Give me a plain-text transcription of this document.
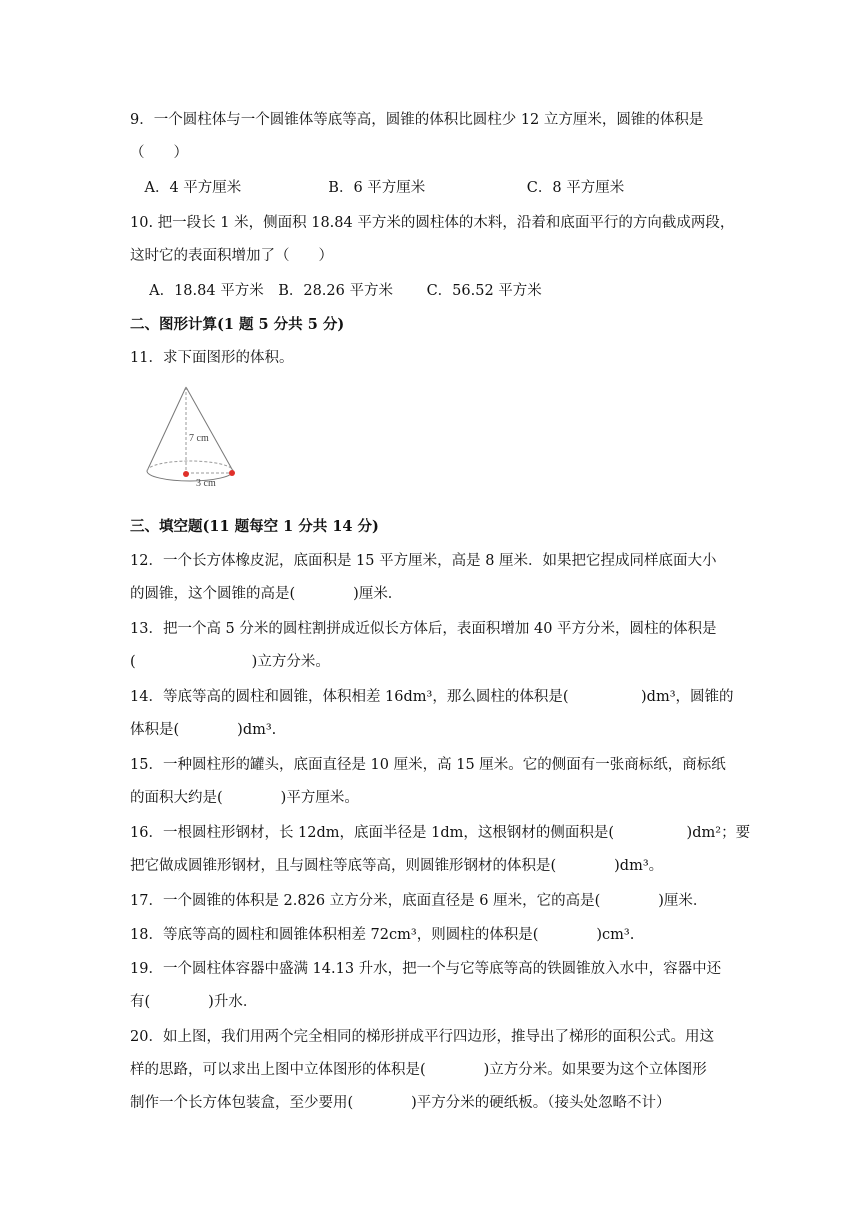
9．一个圆柱体与一个圆锥体等底等高，圆锥的体积比圆柱少 12 立方厘米，圆锥的体积是
（　　）
　A．4 平方厘米　　　　　　B．6 平方厘米　　　　　　　C．8 平方厘米
10. 把一段长 1 米，侧面积 18.84 平方米的圆柱体的木料，沿着和底面平行的方向截成两段，
这时它的表面积增加了（　　）
　 A．18.84 平方米　B．28.26 平方米　　 C．56.52 平方米
二、图形计算(1 题 5 分共 5 分)
11．求下面图形的体积。
7 cm
3 cm
三、填空题(11 题每空 1 分共 14 分)
12．一个长方体橡皮泥，底面积是 15 平方厘米，高是 8 厘米．如果把它捏成同样底面大小
的圆锥，这个圆锥的高是(　　　　)厘米．
13．把一个高 5 分米的圆柱割拼成近似长方体后，表面积增加 40 平方分米，圆柱的体积是
(　　　　　　　　)立方分米。
14．等底等高的圆柱和圆锥，体积相差 16dm³，那么圆柱的体积是(　　　　　)dm³，圆锥的
体积是(　　　　)dm³.
15．一种圆柱形的罐头，底面直径是 10 厘米，高 15 厘米。它的侧面有一张商标纸，商标纸
的面积大约是(　　　　)平方厘米。
16．一根圆柱形钢材，长 12dm，底面半径是 1dm，这根钢材的侧面积是(　　　　　)dm²；要
把它做成圆锥形钢材，且与圆柱等底等高，则圆锥形钢材的体积是(　　　　)dm³。
17．一个圆锥的体积是 2.826 立方分米，底面直径是 6 厘米，它的高是(　　　　)厘米．
18．等底等高的圆柱和圆锥体积相差 72cm³，则圆柱的体积是(　　　　)cm³.
19．一个圆柱体容器中盛满 14.13 升水，把一个与它等底等高的铁圆锥放入水中，容器中还
有(　　　　)升水．
20．如上图，我们用两个完全相同的梯形拼成平行四边形，推导出了梯形的面积公式。用这
样的思路，可以求出上图中立体图形的体积是(　　　　)立方分米。如果要为这个立体图形
制作一个长方体包装盒，至少要用(　　　　)平方分米的硬纸板。（接头处忽略不计）
